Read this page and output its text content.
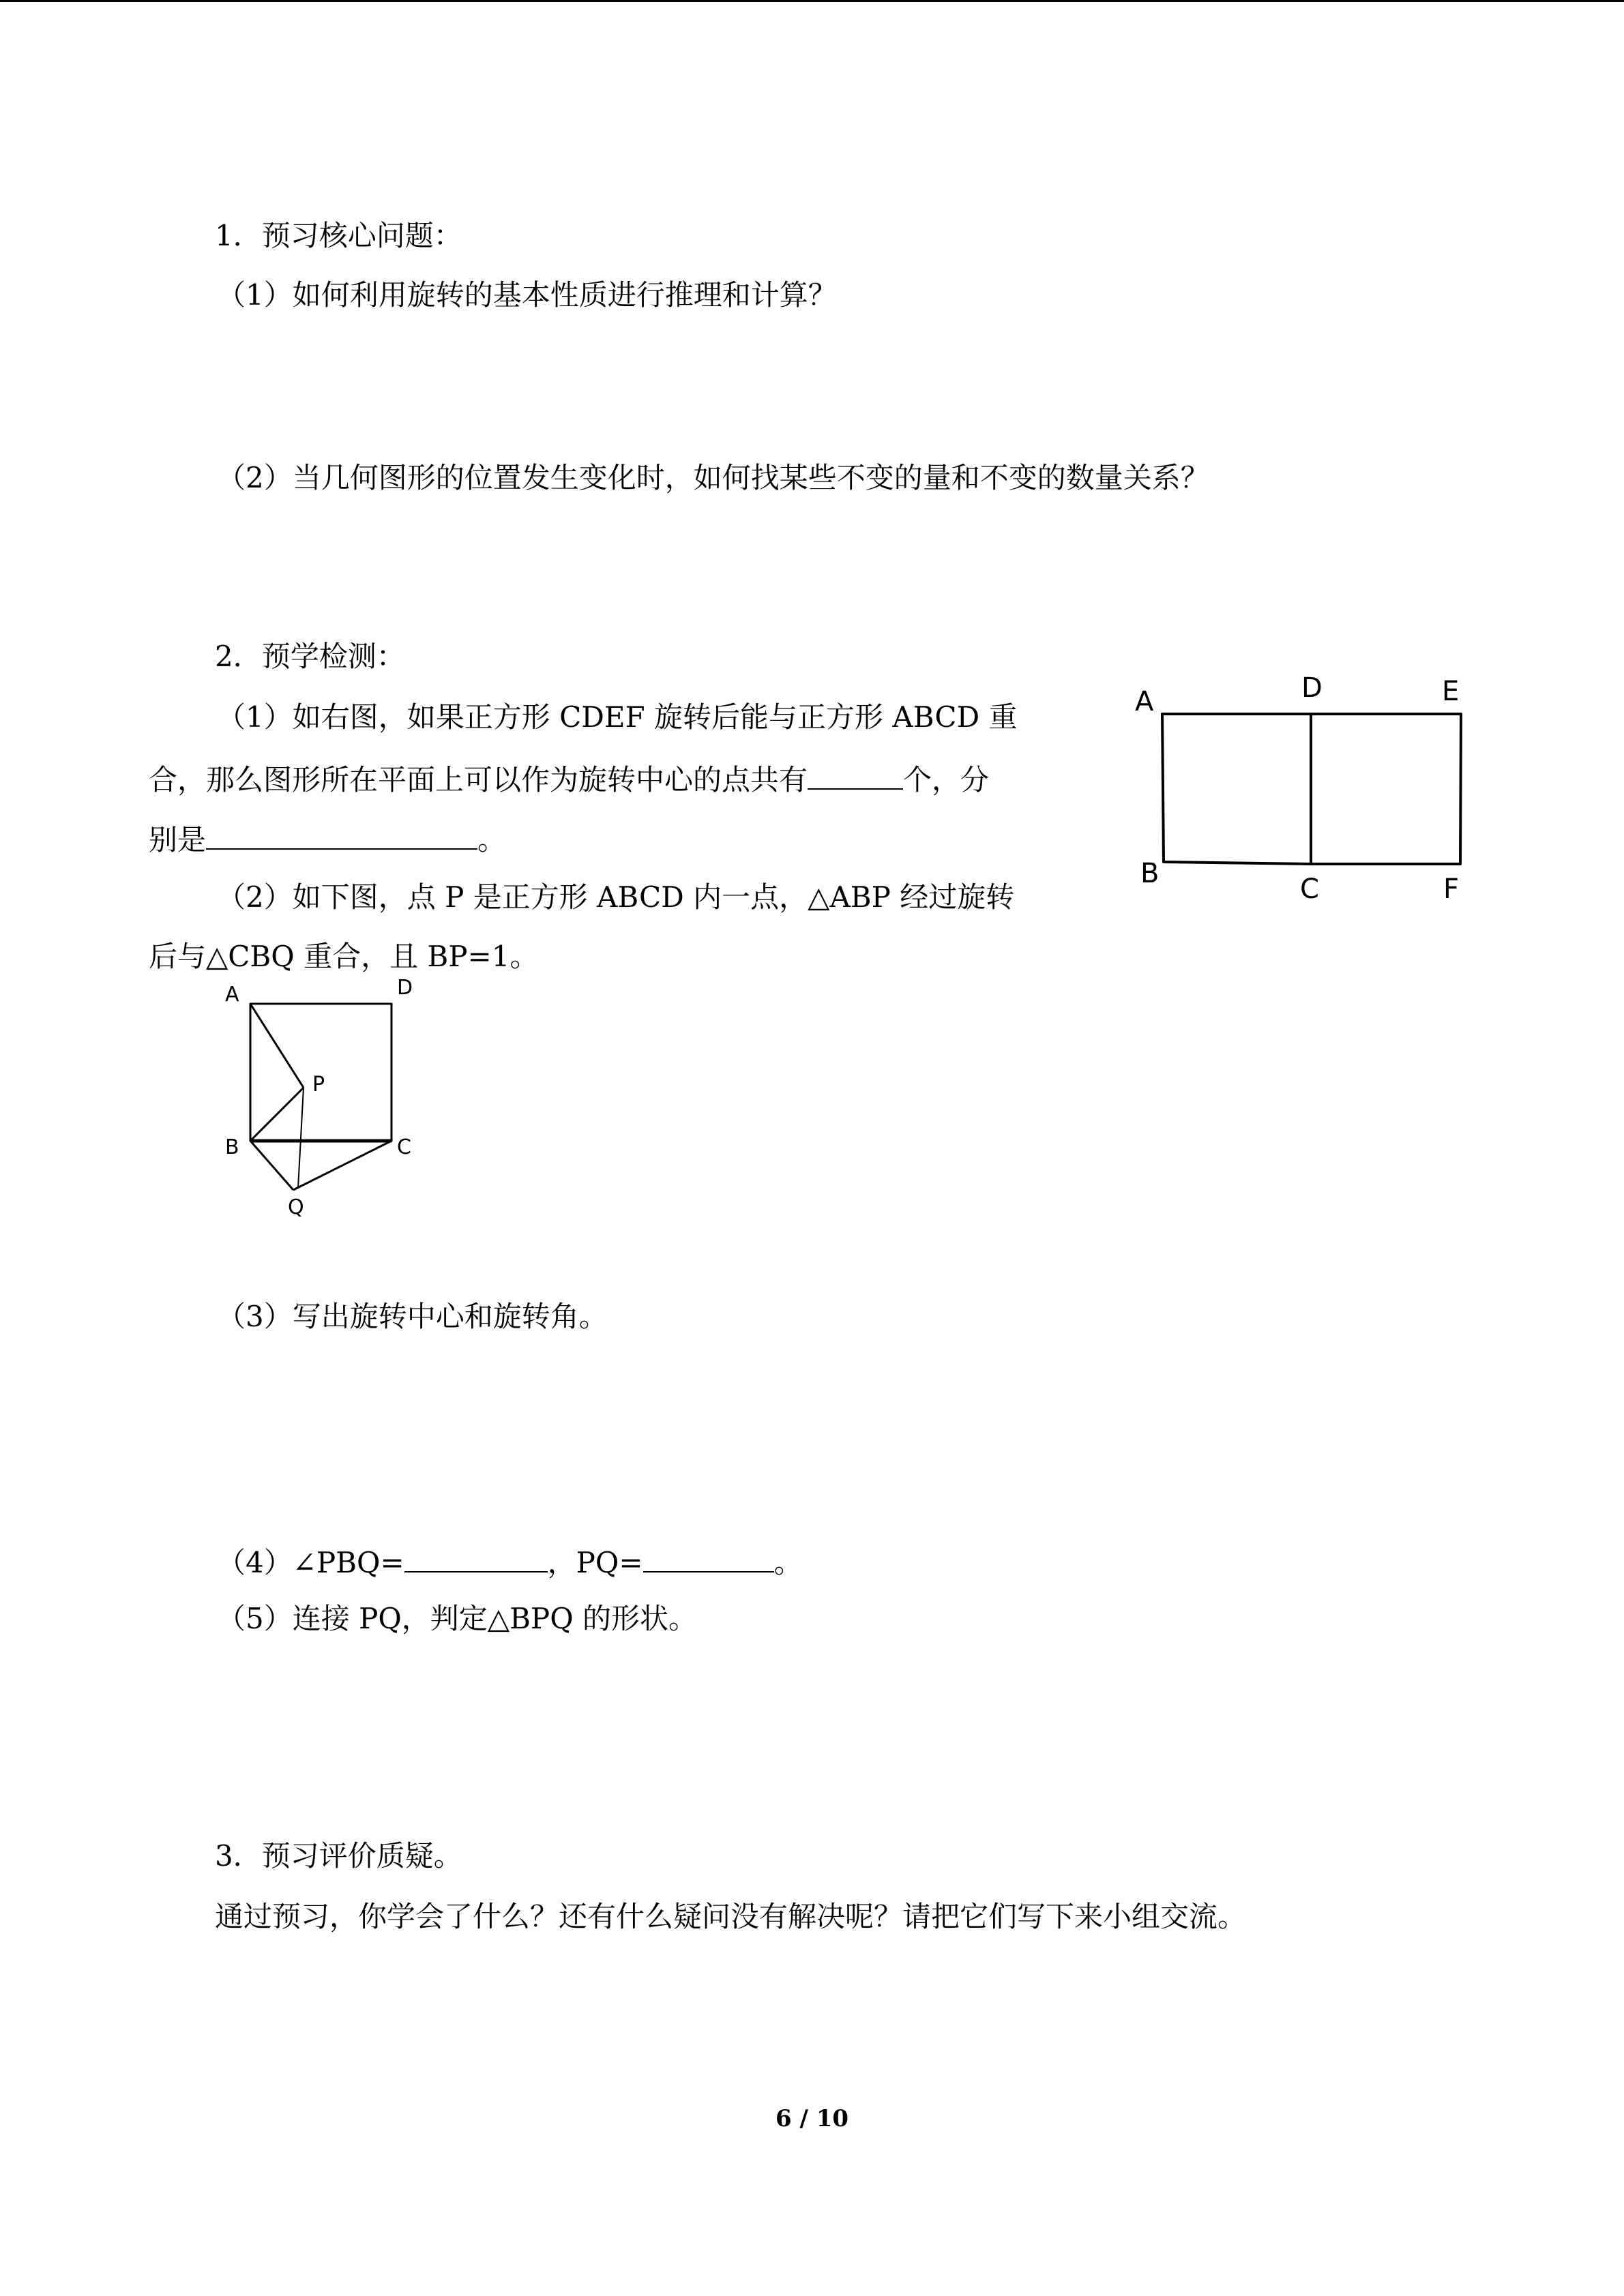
1．预习核心问题：
（1）如何利用旋转的基本性质进行推理和计算？
（2）当几何图形的位置发生变化时，如何找某些不变的量和不变的数量关系？
2．预学检测：
（1）如右图，如果正方形 CDEF 旋转后能与正方形 ABCD 重
合，那么图形所在平面上可以作为旋转中心的点共有	个，分
别是	。
（2）如下图，点 P 是正方形 ABCD 内一点，△ABP 经过旋转
后与△CBQ 重合，且 BP=1。
（3）写出旋转中心和旋转角。
（4）∠PBQ=	，PQ=	。
（5）连接 PQ，判定△BPQ 的形状。
3．预习评价质疑。
通过预习，你学会了什么？还有什么疑问没有解决呢？请把它们写下来小组交流。
A	D	E
B	C	F
A	D
P
B	C
Q
6 / 10
